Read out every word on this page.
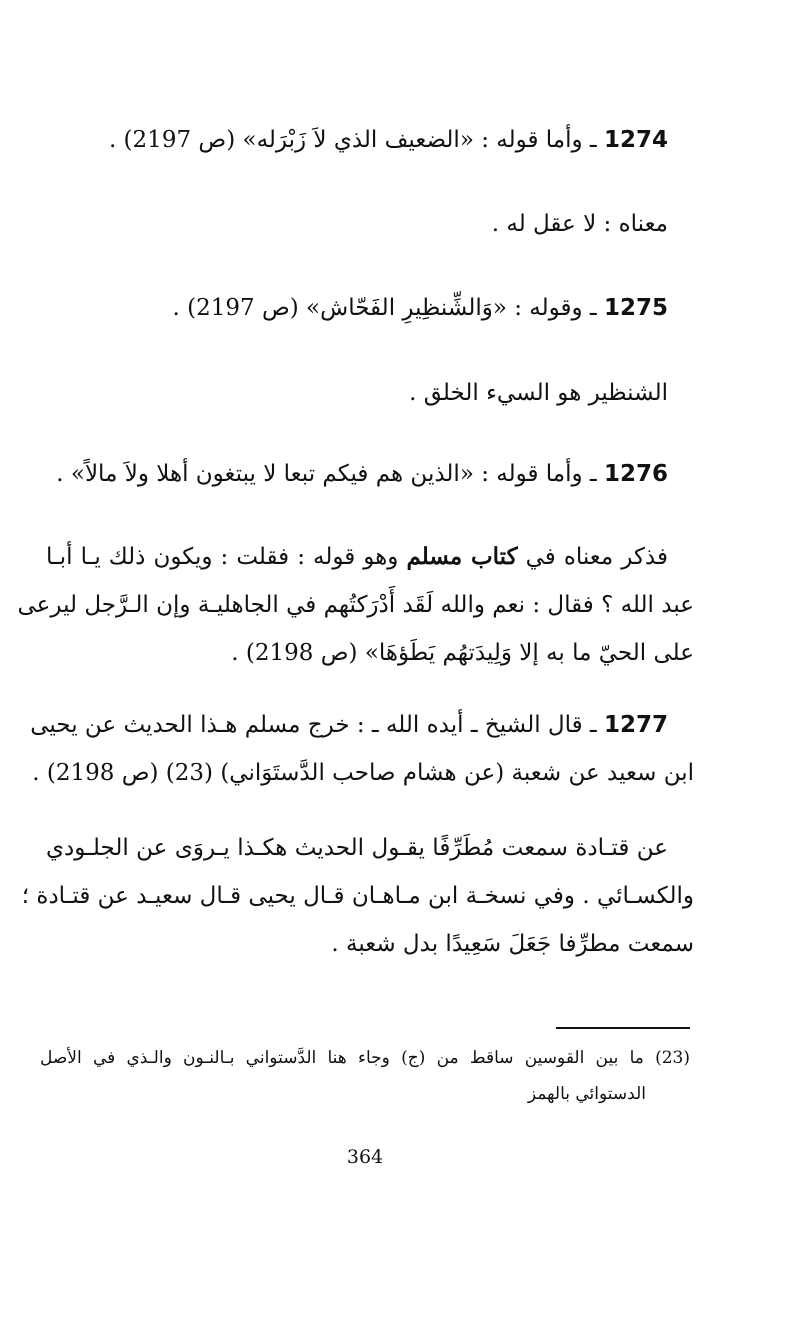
1274 ـ وأما قوله : «الضعيف الذي لاَ زَبْرَله» (ص 2197) .

معناه : لا عقل له .

1275 ـ وقوله : «وَالشِّنظِيرِ الفَحّاش» (ص 2197) .

الشنظير هو السيء الخلق .

1276 ـ وأما قوله : «الذين هم فيكم تبعا لا يبتغون أهلا ولاَ مالاً» .

فذكر معناه في كتاب مسلم وهو قوله : فقلت : ويكون ذلك يـا أبـا
عبد الله ؟ فقال : نعم والله لَقَد أَدْرَكتُهم في الجاهليـة وإن الـرَّجل ليرعى
على الحيّ ما به إلا وَلِيدَتهُم يَطَؤهَا» (ص 2198) .

1277 ـ قال الشيخ ـ أيده الله ـ : خرج مسلم هـذا الحديث عن يحيى
ابن سعيد عن شعبة (عن هشام صاحب الدَّستَوَاني) (23) (ص 2198) .

عن قتـادة سمعت مُطَرِّفًا يقـول الحديث هكـذا يـروَى عن الجلـودي
والكسـائي . وفي نسخـة ابن مـاهـان قـال يحيى قـال سعيـد عن قتـادة ؛
سمعت مطرِّفا جَعَلَ سَعِيدًا بدل شعبة .

(23) ما بين القوسين ساقط من (ج) وجاء هنا الدَّستواني بـالنـون والـذي في الأصل
الدستوائي بالهمز
364
